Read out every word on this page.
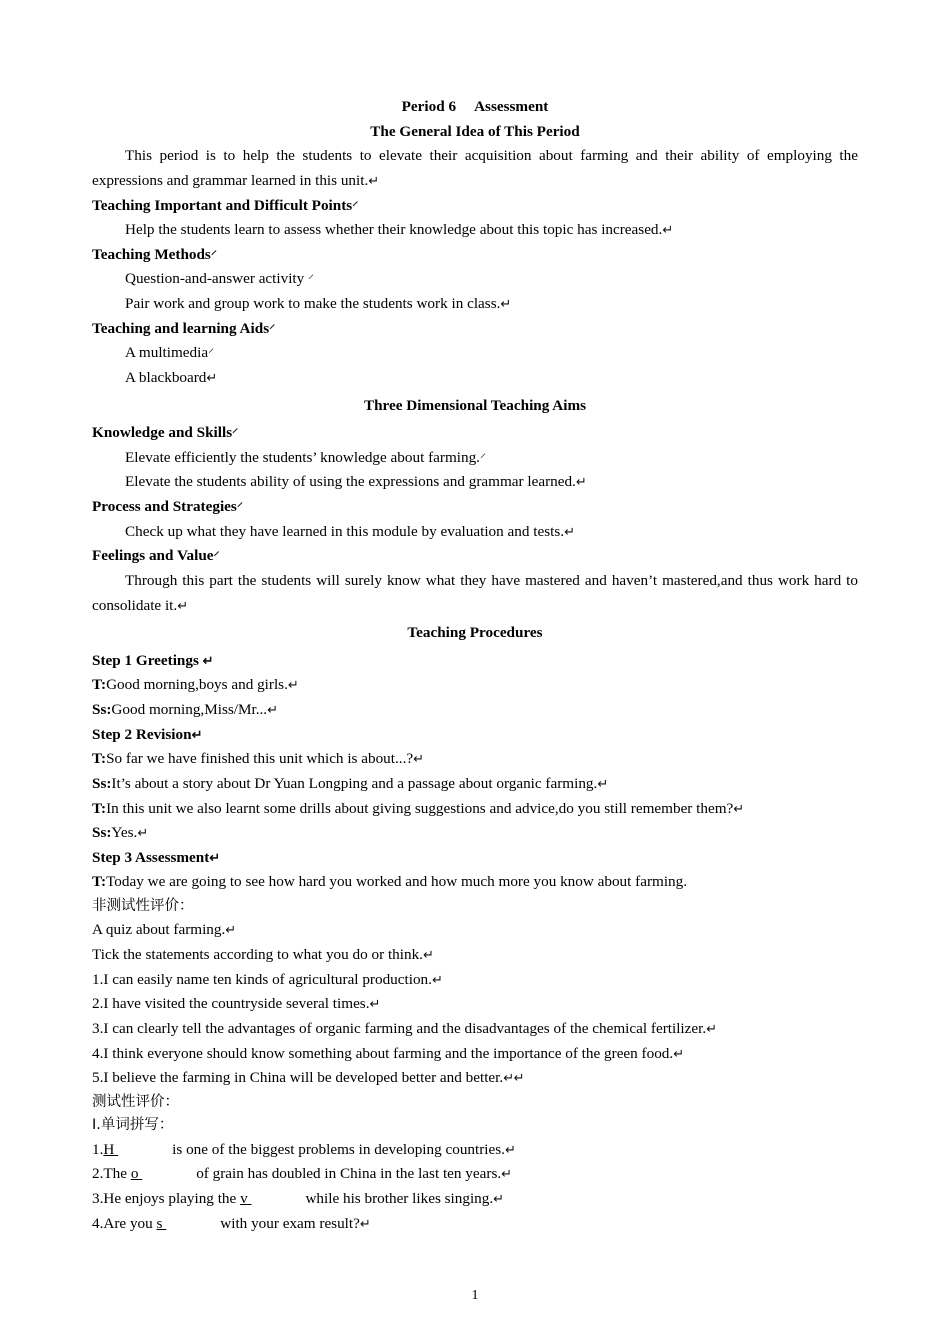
Period 6 Assessment
The General Idea of This Period

This period is to help the students to elevate their acquisition about farming and their ability of employing the expressions and grammar learned in this unit.↵

Teaching Important and Difficult Points⸍
Help the students learn to assess whether their knowledge about this topic has increased.↵
Teaching Methods⸍
Question-and-answer activity ⸍
Pair work and group work to make the students work in class.↵
Teaching and learning Aids⸍
A multimedia⸍
A blackboard↵
Three Dimensional Teaching Aims
Knowledge and Skills⸍
Elevate efficiently the students’ knowledge about farming.⸍
Elevate the students ability of using the expressions and grammar learned.↵
Process and Strategies⸍
Check up what they have learned in this module by evaluation and tests.↵
Feelings and Value⸍

Through this part the students will surely know what they have mastered and haven’t mastered,and thus work hard to consolidate it.↵

Teaching Procedures
Step 1 Greetings ↵
T:Good morning,boys and girls.↵
Ss:Good morning,Miss/Mr...↵
Step 2 Revision↵
T:So far we have finished this unit which is about...?↵
Ss:It’s about a story about Dr Yuan Longping and a passage about organic farming.↵
T:In this unit we also learnt some drills about giving suggestions and advice,do you still remember them?↵
Ss:Yes.↵
Step 3 Assessment↵
T:Today we are going to see how hard you worked and how much more you know about farming.
非测试性评价：
A quiz about farming.↵
Tick the statements according to what you do or think.↵
1.I can easily name ten kinds of agricultural production.↵
2.I have visited the countryside several times.↵
3.I can clearly tell the advantages of organic farming and the disadvantages of the chemical fertilizer.↵
4.I think everyone should know something about farming and the importance of the green food.↵
5.I believe the farming in China will be developed better and better.↵↵
测试性评价：
Ⅰ.单词拼写：
1.H	is one of the biggest problems in developing countries.↵
2.The o	of grain has doubled in China in the last ten years.↵
3.He enjoys playing the v	while his brother likes singing.↵
4.Are you s	with your exam result?↵
1
